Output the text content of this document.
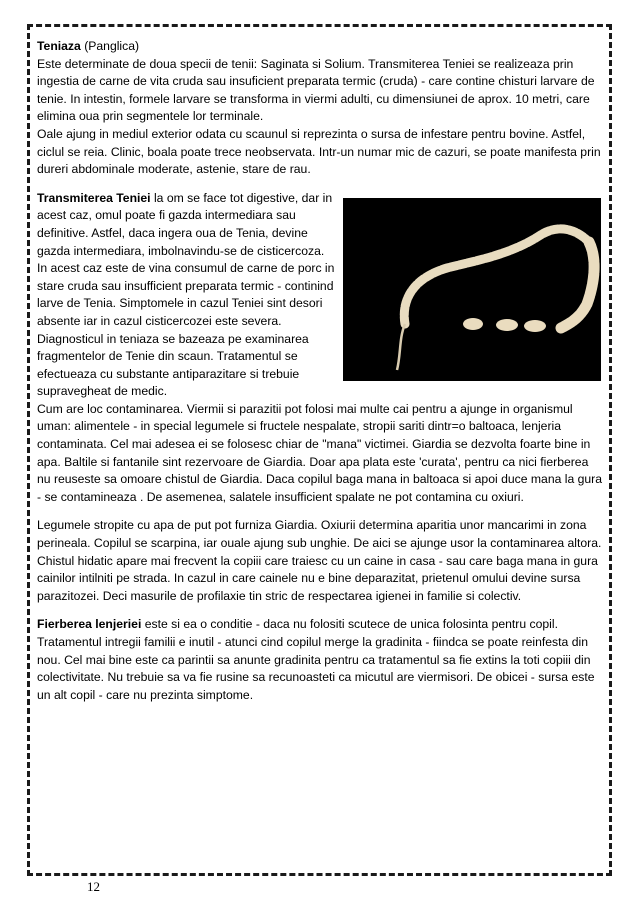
Teniaza (Panglica)

Este determinate de doua specii de tenii: Saginata si Solium. Transmiterea Teniei se realizeaza prin ingestia de carne de vita cruda sau insuficient preparata termic (cruda) - care contine chisturi larvare de tenie. In intestin, formele larvare se transforma in viermi adulti, cu dimensiunei de aprox. 10 metri, care elimina oua prin segmentele lor terminale.

Oale ajung in mediul exterior odata cu scaunul si reprezinta o sursa de infestare pentru bovine. Astfel, ciclul se reia. Clinic, boala poate trece neobservata. Intr-un numar mic de cazuri, se poate manifesta prin dureri abdominale moderate, astenie, stare de rau.

Transmiterea Teniei la om se face tot digestive, dar in acest caz, omul poate fi gazda intermediara sau definitive. Astfel, daca ingera oua de Tenia, devine gazda intermediara, imbolnavindu-se de cisticercoza. In acest caz este de vina consumul de carne de porc in stare cruda sau insufficient preparata termic - continind larve de Tenia. Simptomele in cazul Teniei sint desori absente iar in cazul cisticercozei este severa. Diagnosticul in teniaza se bazeaza pe examinarea fragmentelor de Tenie din scaun. Tratamentul se efectueaza cu substante antiparazitare si trebuie supravegheat de medic.

Cum are loc contaminarea. Viermii si parazitii pot folosi mai multe cai pentru a ajunge in organismul uman: alimentele - in special legumele si fructele nespalate, stropii sariti dintr=o baltoaca, lenjeria contaminata. Cel mai adesea ei se folosesc chiar de "mana" victimei. Giardia se dezvolta foarte bine in apa. Baltile si fantanile sint rezervoare de Giardia. Doar apa plata este 'curata', pentru ca nici fierberea nu reuseste sa omoare chistul de Giardia. Daca copilul baga mana in baltoaca si apoi duce mana la gura - se contamineaza . De asemenea, salatele insufficient spalate ne pot contamina cu oxiuri.

Legumele stropite cu apa de put pot furniza Giardia. Oxiurii determina aparitia unor mancarimi in zona perineala. Copilul se scarpina, iar ouale ajung sub unghie. De aici se ajunge usor la contaminarea altora. Chistul hidatic apare mai frecvent la copiii care traiesc cu un caine in casa - sau care baga mana in gura cainilor intilniti pe strada. In cazul in care cainele nu e bine deparazitat, prietenul omului devine sursa parazitozei. Deci masurile de profilaxie tin stric de respectarea igienei in familie si colectiv.

Fierberea lenjeriei este si ea o conditie - daca nu folositi scutece de unica folosinta pentru copil. Tratamentul intregii familii e inutil - atunci cind copilul merge la gradinita - fiindca se poate reinfesta din nou. Cel mai bine este ca parintii sa anunte gradinita pentru ca tratamentul sa fie extins la toti copiii din colectivitate. Nu trebuie sa va fie rusine sa recunoasteti ca micutul are viermisori. De obicei - sursa este un alt copil - care nu prezinta simptome.

12
